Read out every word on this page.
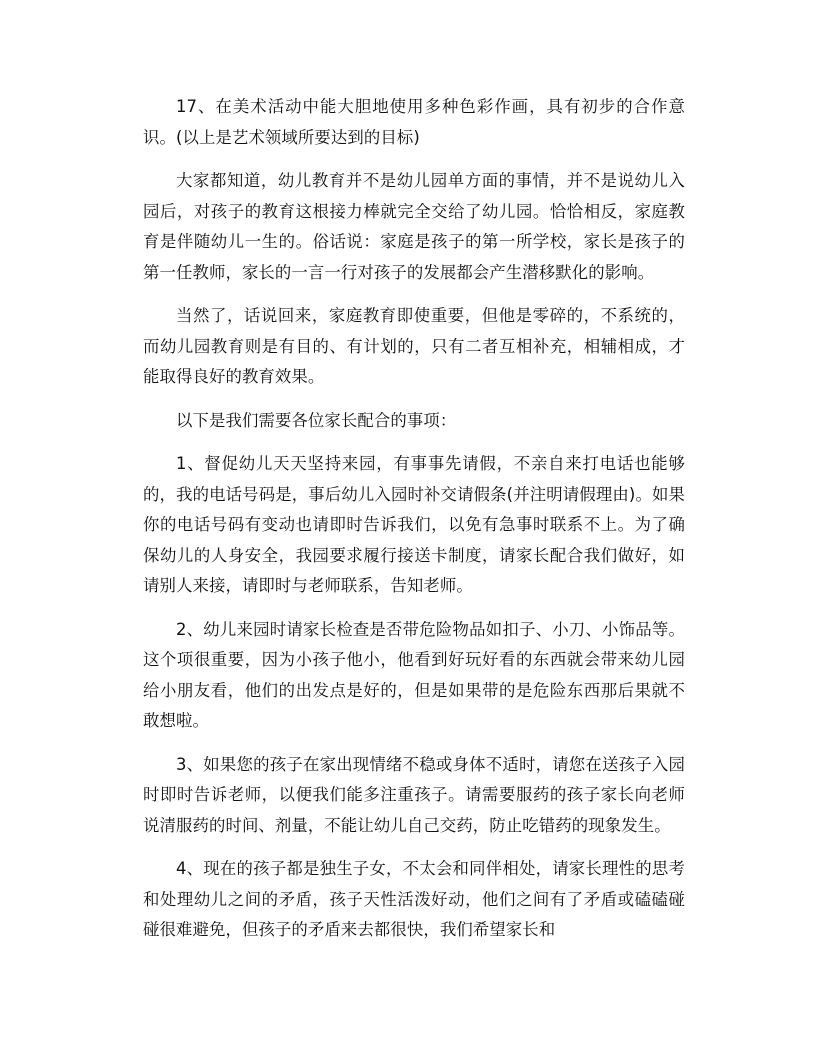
17、在美术活动中能大胆地使用多种色彩作画，具有初步的合作意识。(以上是艺术领域所要达到的目标)

大家都知道，幼儿教育并不是幼儿园单方面的事情，并不是说幼儿入园后，对孩子的教育这根接力棒就完全交给了幼儿园。恰恰相反，家庭教育是伴随幼儿一生的。俗话说：家庭是孩子的第一所学校，家长是孩子的第一任教师，家长的一言一行对孩子的发展都会产生潜移默化的影响。

当然了，话说回来，家庭教育即使重要，但他是零碎的，不系统的，而幼儿园教育则是有目的、有计划的，只有二者互相补充，相辅相成，才能取得良好的教育效果。

以下是我们需要各位家长配合的事项：

1、督促幼儿天天坚持来园，有事事先请假，不亲自来打电话也能够的，我的电话号码是，事后幼儿入园时补交请假条(并注明请假理由)。如果你的电话号码有变动也请即时告诉我们，以免有急事时联系不上。为了确保幼儿的人身安全，我园要求履行接送卡制度，请家长配合我们做好，如请别人来接，请即时与老师联系，告知老师。

2、幼儿来园时请家长检查是否带危险物品如扣子、小刀、小饰品等。这个项很重要，因为小孩子他小，他看到好玩好看的东西就会带来幼儿园给小朋友看，他们的出发点是好的，但是如果带的是危险东西那后果就不敢想啦。

3、如果您的孩子在家出现情绪不稳或身体不适时，请您在送孩子入园时即时告诉老师，以便我们能多注重孩子。请需要服药的孩子家长向老师说清服药的时间、剂量，不能让幼儿自己交药，防止吃错药的现象发生。

4、现在的孩子都是独生子女，不太会和同伴相处，请家长理性的思考和处理幼儿之间的矛盾，孩子天性活泼好动，他们之间有了矛盾或磕磕碰碰很难避免，但孩子的矛盾来去都很快，我们希望家长和
